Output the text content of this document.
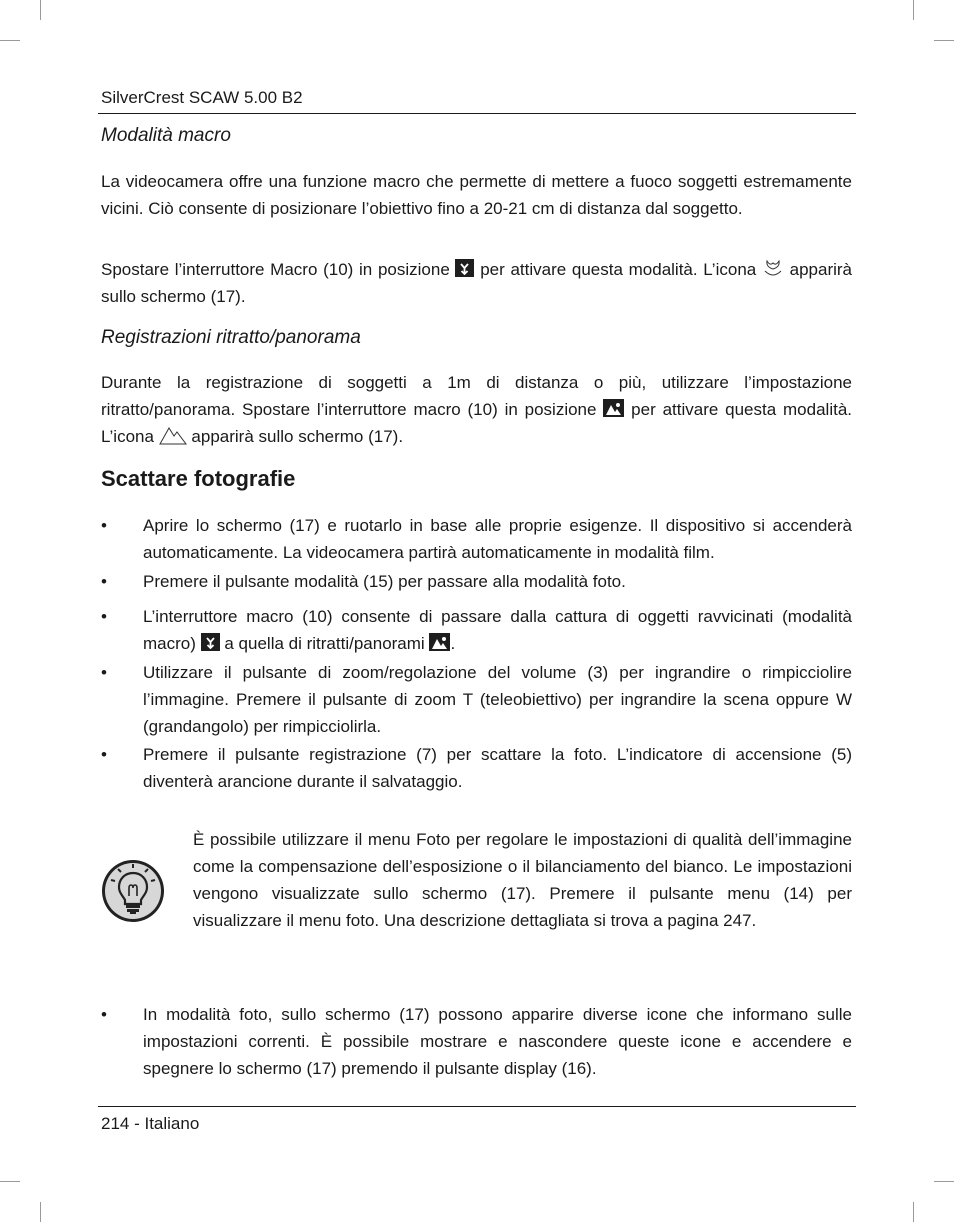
SilverCrest SCAW 5.00 B2
Modalità macro

La videocamera offre una funzione macro che permette di mettere a fuoco soggetti estremamente vicini. Ciò consente di posizionare l’obiettivo fino a 20-21 cm di distanza dal soggetto.

Spostare l’interruttore Macro (10) in posizione per attivare questa modalità. L’icona apparirà sullo schermo (17).

Registrazioni ritratto/panorama

Durante la registrazione di soggetti a 1m di distanza o più, utilizzare l’impostazione ritratto/panorama. Spostare l’interruttore macro (10) in posizione per attivare questa modalità. L’icona apparirà sullo schermo (17).

Scattare fotografie
• Aprire lo schermo (17) e ruotarlo in base alle proprie esigenze. Il dispositivo si accenderà automaticamente. La videocamera partirà automaticamente in modalità film.
• Premere il pulsante modalità (15) per passare alla modalità foto.
• L’interruttore macro (10) consente di passare dalla cattura di oggetti ravvicinati (modalità macro) a quella di ritratti/panorami .
• Utilizzare il pulsante di zoom/regolazione del volume (3) per ingrandire o rimpicciolire l’immagine. Premere il pulsante di zoom T (teleobiettivo) per ingrandire la scena oppure W (grandangolo) per rimpicciolirla.
• Premere il pulsante registrazione (7) per scattare la foto. L’indicatore di accensione (5) diventerà arancione durante il salvataggio.
È possibile utilizzare il menu Foto per regolare le impostazioni di qualità dell’immagine come la compensazione dell’esposizione o il bilanciamento del bianco. Le impostazioni vengono visualizzate sullo schermo (17). Premere il pulsante menu (14) per visualizzare il menu foto. Una descrizione dettagliata si trova a pagina 247.
• In modalità foto, sullo schermo (17) possono apparire diverse icone che informano sulle impostazioni correnti. È possibile mostrare e nascondere queste icone e accendere e spegnere lo schermo (17) premendo il pulsante display (16).
214 - Italiano
